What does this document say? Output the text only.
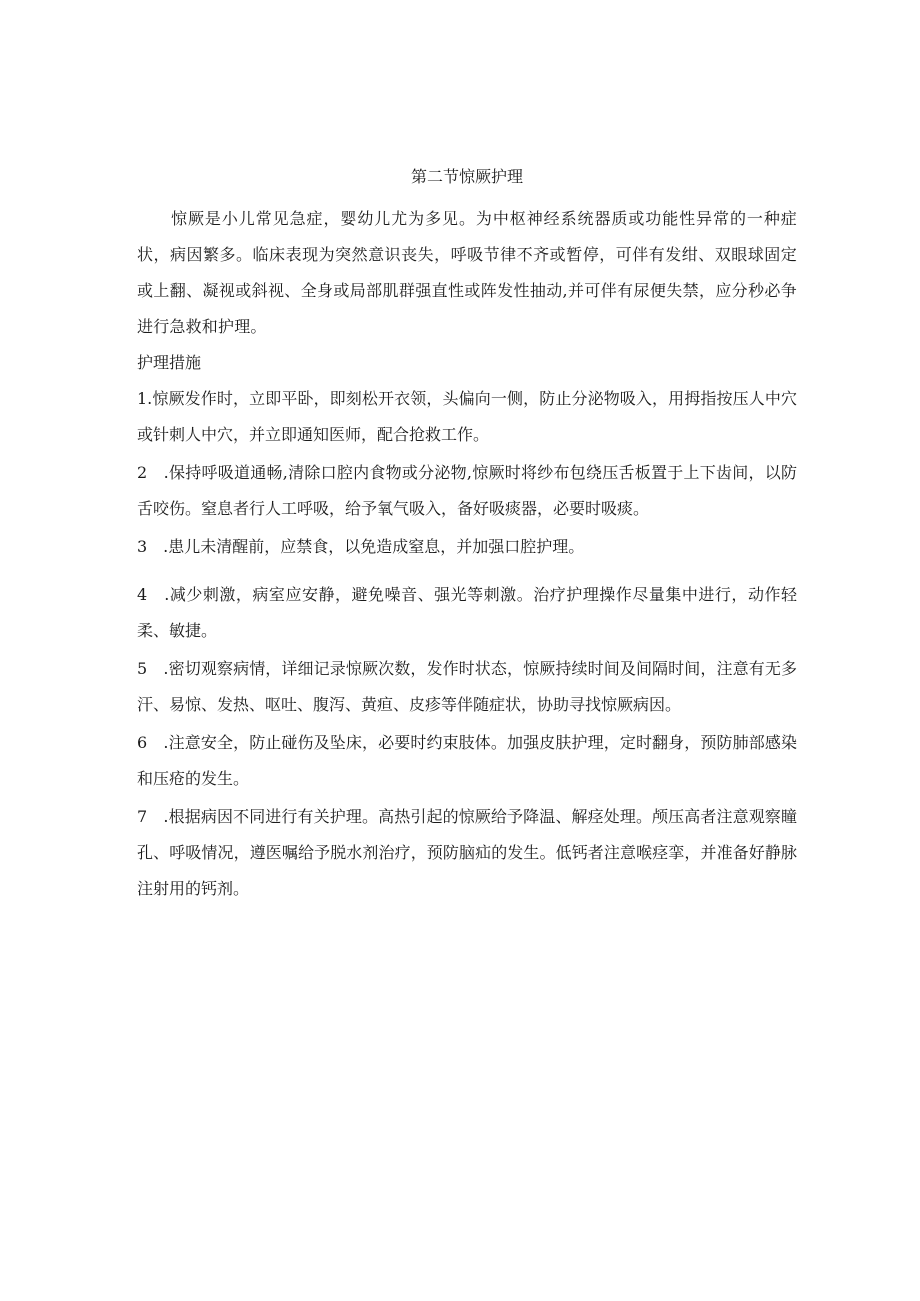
第二节惊厥护理

惊厥是小儿常见急症，婴幼儿尤为多见。为中枢神经系统器质或功能性异常的一种症状，病因繁多。临床表现为突然意识丧失，呼吸节律不齐或暂停，可伴有发绀、双眼球固定或上翻、凝视或斜视、全身或局部肌群强直性或阵发性抽动,并可伴有尿便失禁，应分秒必争进行急救和护理。

护理措施

1.惊厥发作时，立即平卧，即刻松开衣领，头偏向一侧，防止分泌物吸入，用拇指按压人中穴或针刺人中穴，并立即通知医师，配合抢救工作。

2　.保持呼吸道通畅,清除口腔内食物或分泌物,惊厥时将纱布包绕压舌板置于上下齿间，以防舌咬伤。窒息者行人工呼吸，给予氧气吸入，备好吸痰器，必要时吸痰。

3　.患儿未清醒前，应禁食，以免造成窒息，并加强口腔护理。

4　.减少刺激，病室应安静，避免噪音、强光等刺激。治疗护理操作尽量集中进行，动作轻柔、敏捷。

5　.密切观察病情，详细记录惊厥次数，发作时状态，惊厥持续时间及间隔时间，注意有无多汗、易惊、发热、呕吐、腹泻、黄疸、皮疹等伴随症状，协助寻找惊厥病因。

6　.注意安全，防止碰伤及坠床，必要时约束肢体。加强皮肤护理，定时翻身，预防肺部感染和压疮的发生。

7　.根据病因不同进行有关护理。高热引起的惊厥给予降温、解痉处理。颅压高者注意观察瞳孔、呼吸情况，遵医嘱给予脱水剂治疗，预防脑疝的发生。低钙者注意喉痉挛，并准备好静脉注射用的钙剂。
